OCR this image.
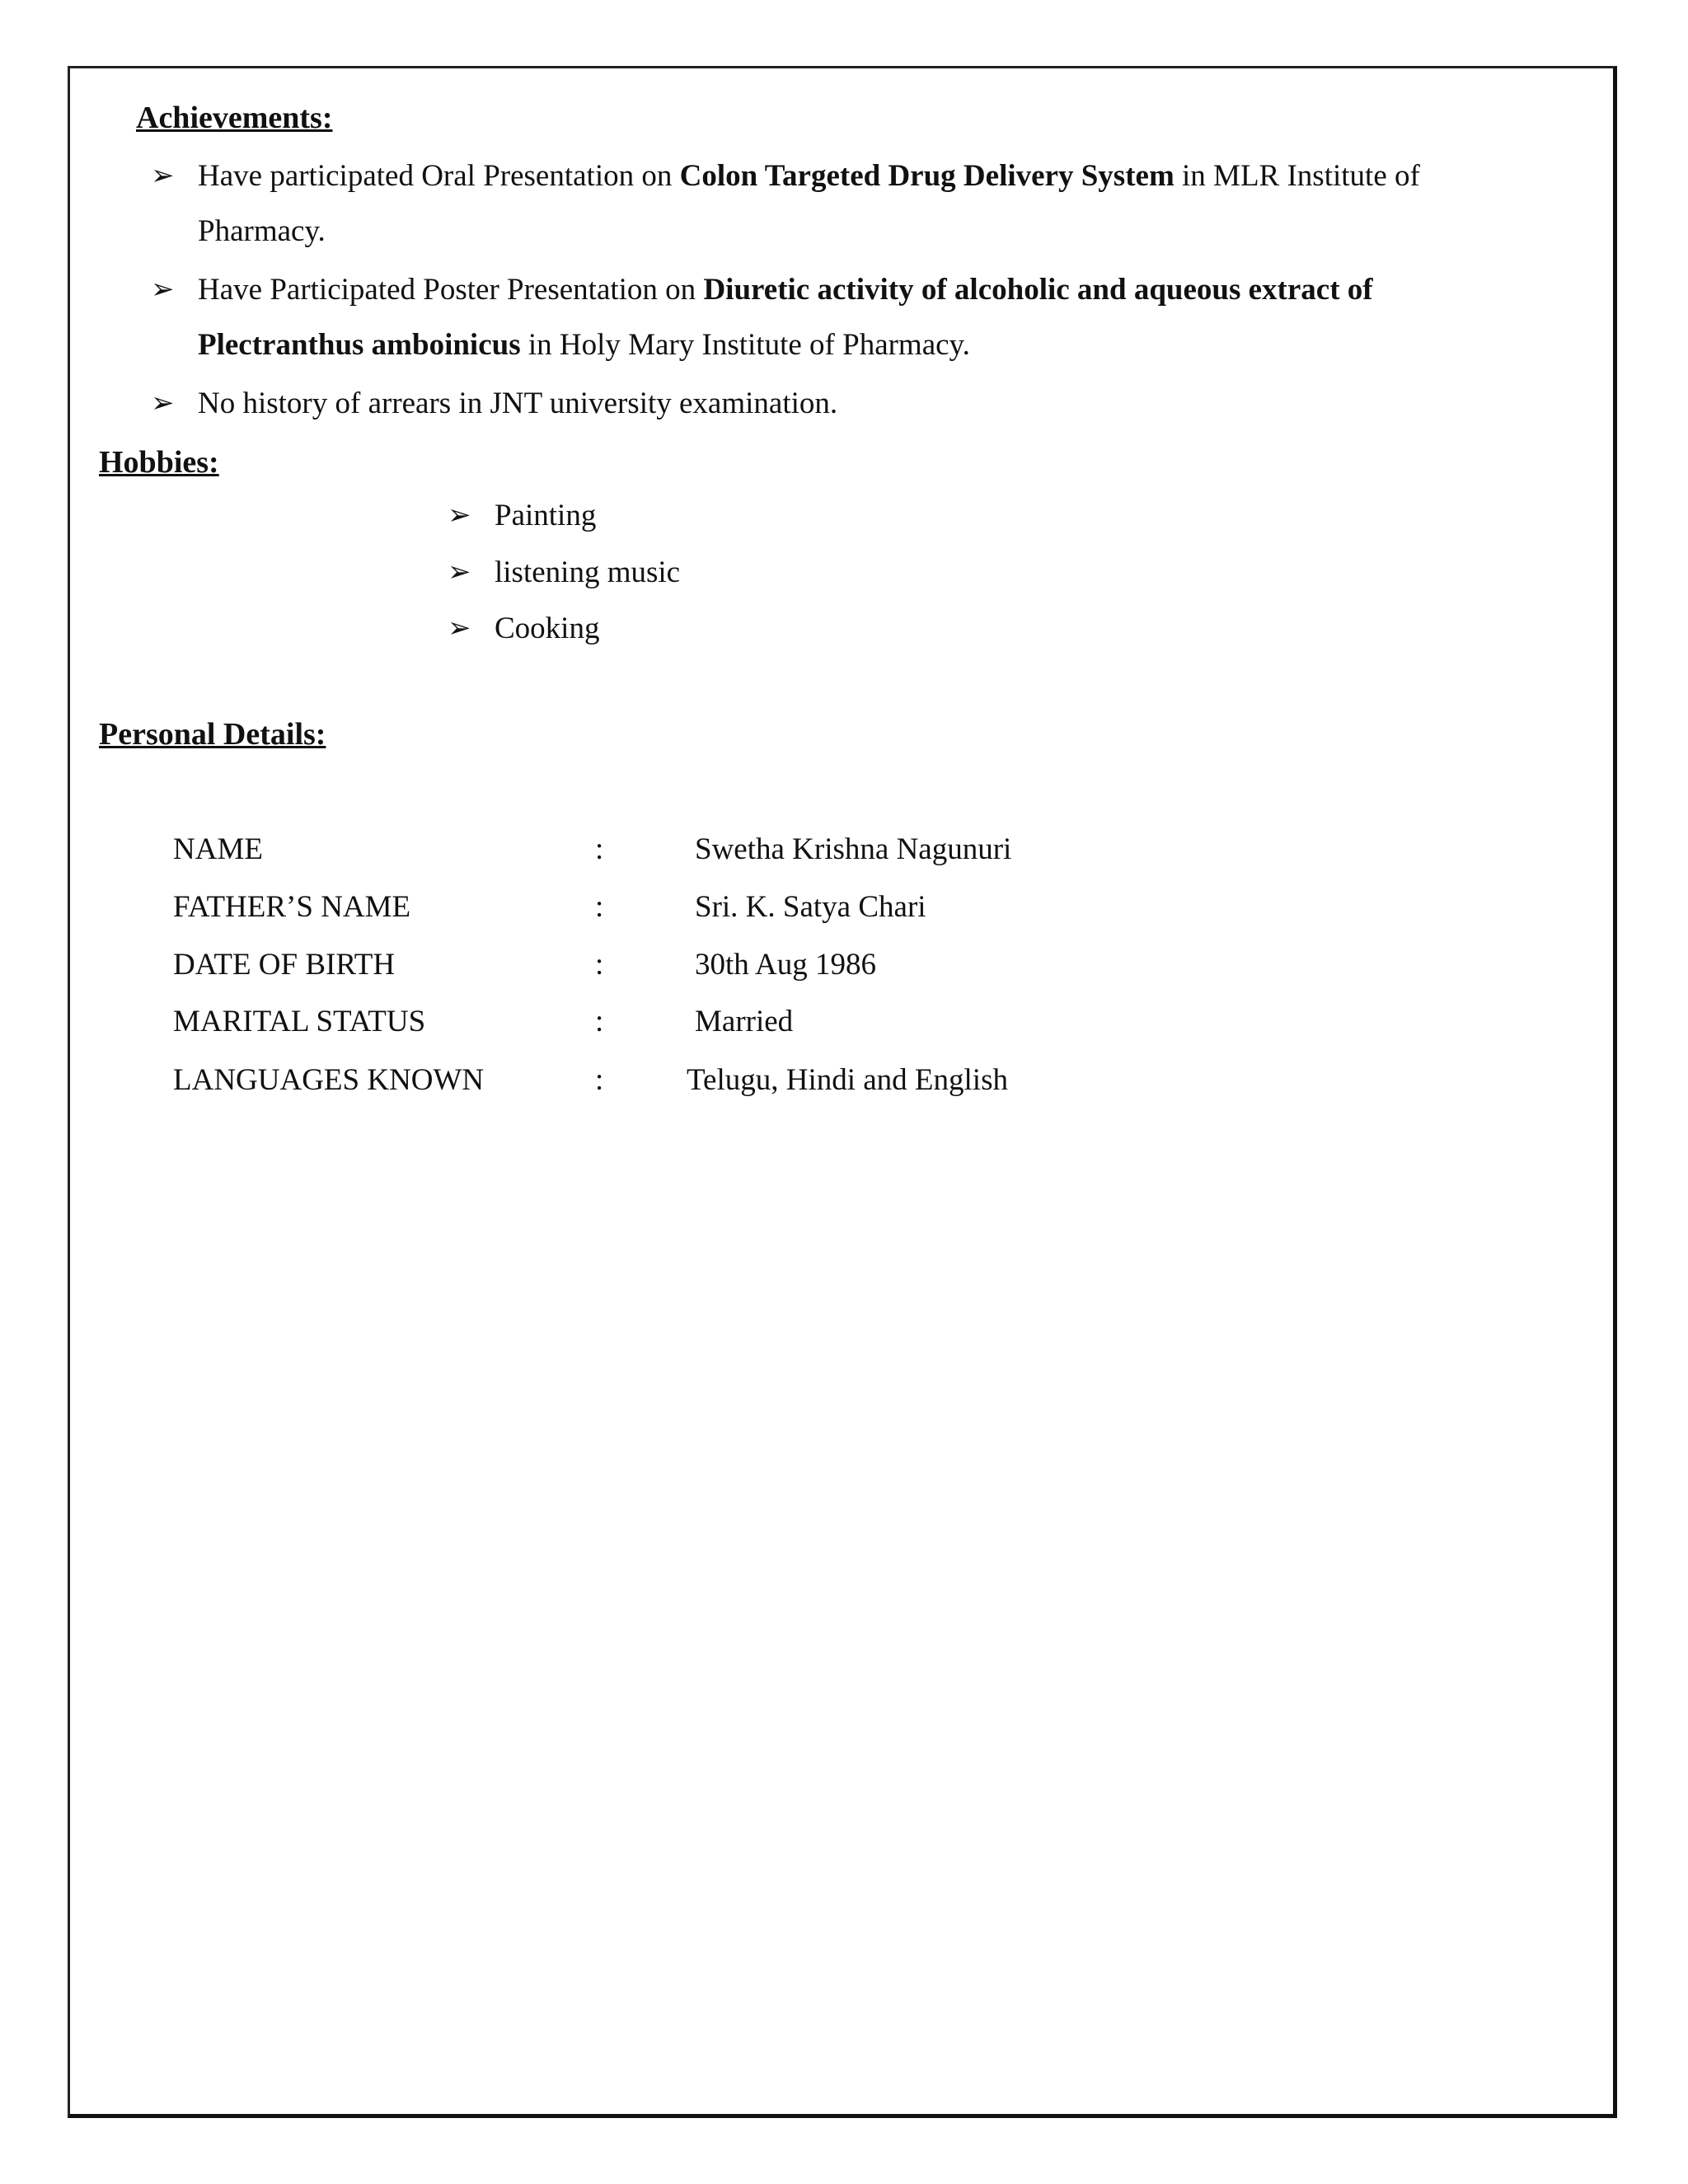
Achievements:
➢ Have participated Oral Presentation on Colon Targeted Drug Delivery System in MLR Institute of
Pharmacy.
➢ Have Participated Poster Presentation on Diuretic activity of alcoholic and aqueous extract of
Plectranthus amboinicus in Holy Mary Institute of Pharmacy.
➢ No history of arrears in JNT university examination.
Hobbies:
➢ Painting
➢ listening music
➢ Cooking
Personal Details:
NAME	:	Swetha Krishna Nagunuri
FATHER’S NAME	:	Sri. K. Satya Chari
DATE OF BIRTH	:	30th Aug 1986
MARITAL STATUS	:	Married
LANGUAGES KNOWN	:	Telugu, Hindi and English
